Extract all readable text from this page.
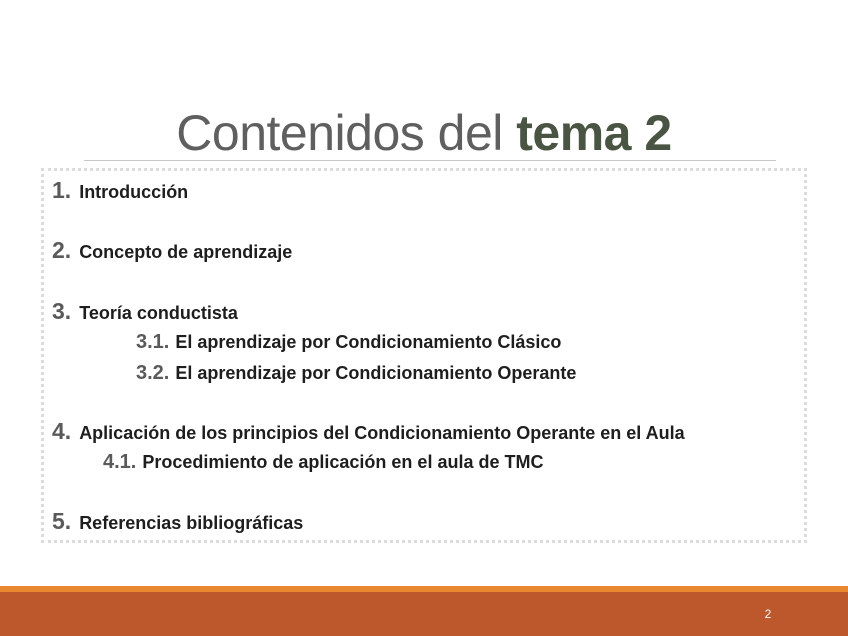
Contenidos del tema 2
1. Introducción
2. Concepto de aprendizaje
3. Teoría conductista
3.1. El aprendizaje por Condicionamiento Clásico
3.2. El aprendizaje por Condicionamiento Operante
4. Aplicación de los principios del Condicionamiento Operante en el Aula
4.1. Procedimiento de aplicación en el aula de TMC
5. Referencias bibliográficas
2
